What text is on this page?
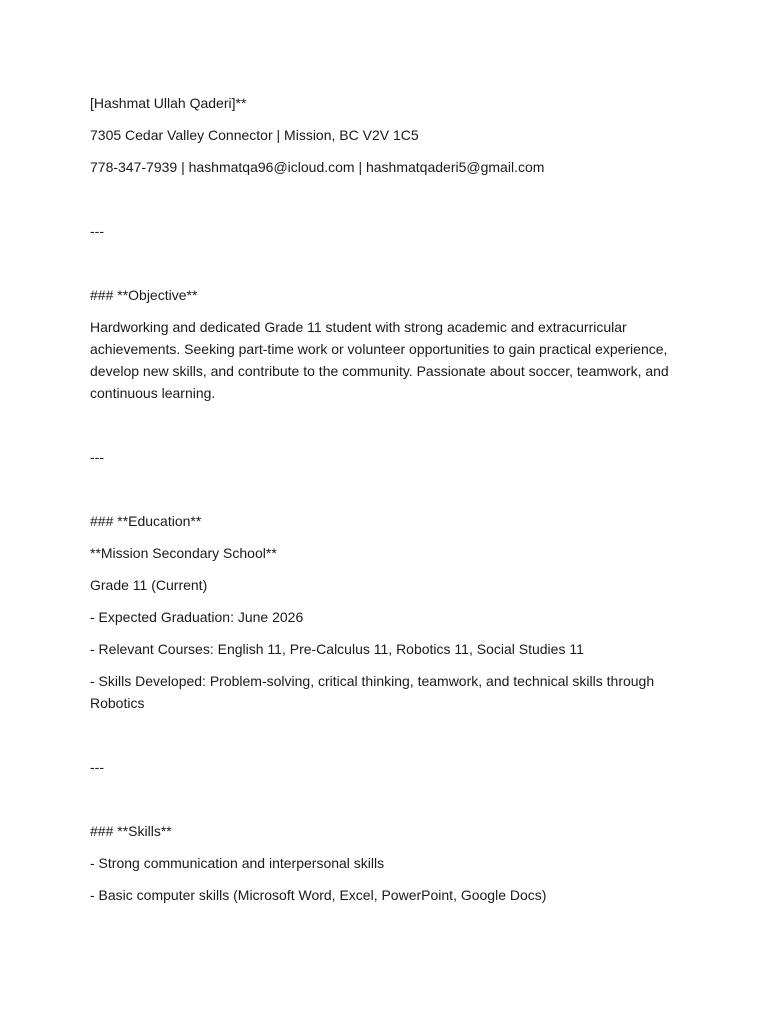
[Hashmat Ullah Qaderi]**

7305 Cedar Valley Connector | Mission, BC V2V 1C5

778-347-7939 | hashmatqa96@icloud.com | hashmatqaderi5@gmail.com

---

### **Objective**

Hardworking and dedicated Grade 11 student with strong academic and extracurricular achievements. Seeking part-time work or volunteer opportunities to gain practical experience, develop new skills, and contribute to the community. Passionate about soccer, teamwork, and continuous learning.

---

### **Education**

**Mission Secondary School**

Grade 11 (Current)

- Expected Graduation: June 2026

- Relevant Courses: English 11, Pre-Calculus 11, Robotics 11, Social Studies 11

- Skills Developed: Problem-solving, critical thinking, teamwork, and technical skills through Robotics

---

### **Skills**

- Strong communication and interpersonal skills

- Basic computer skills (Microsoft Word, Excel, PowerPoint, Google Docs)
